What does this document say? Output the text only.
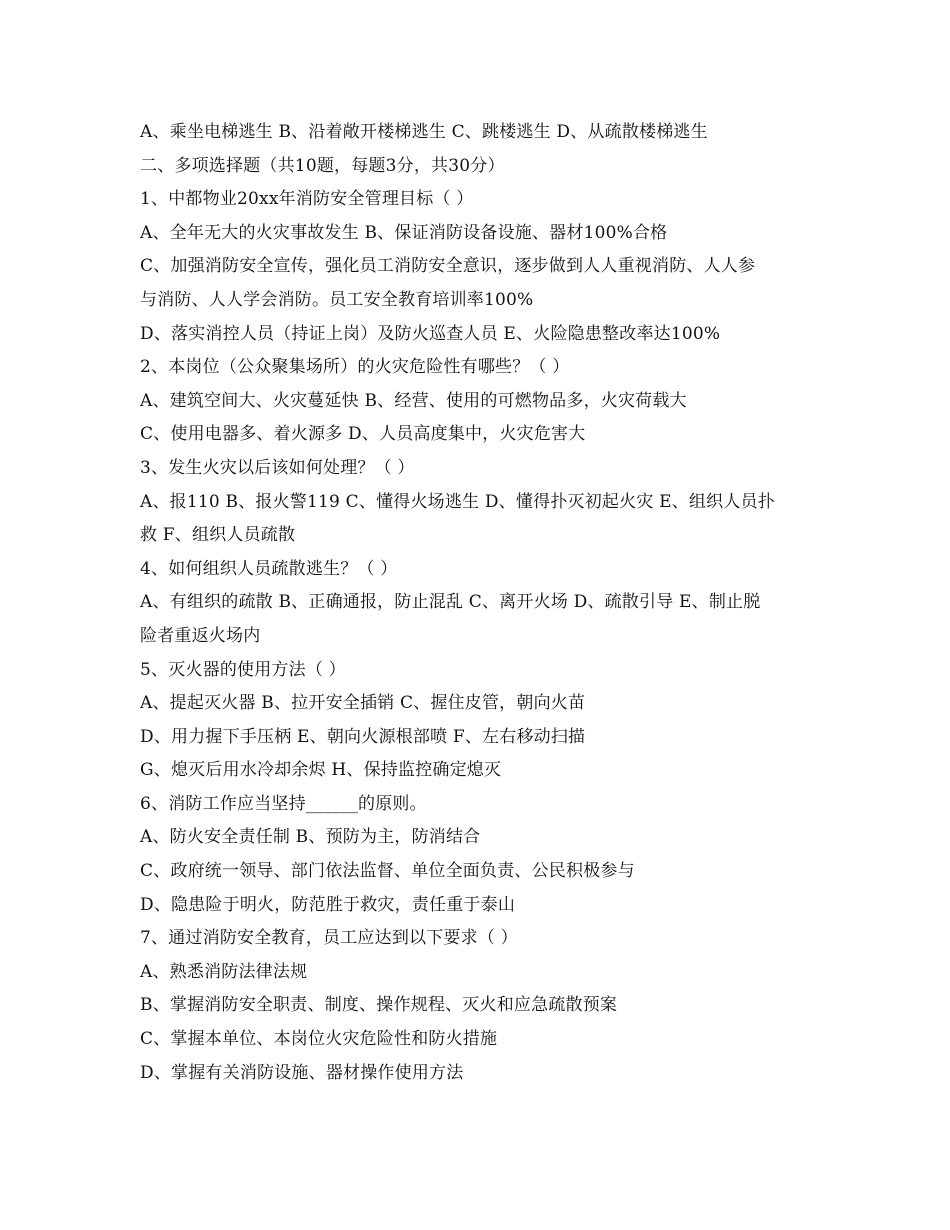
A、乘坐电梯逃生 B、沿着敞开楼梯逃生 C、跳楼逃生 D、从疏散楼梯逃生
二、多项选择题（共10题，每题3分，共30分）
1、中都物业20xx年消防安全管理目标（ ）
A、全年无大的火灾事故发生 B、保证消防设备设施、器材100%合格
C、加强消防安全宣传，强化员工消防安全意识，逐步做到人人重视消防、人人参
与消防、人人学会消防。员工安全教育培训率100%
D、落实消控人员（持证上岗）及防火巡查人员 E、火险隐患整改率达100%
2、本岗位（公众聚集场所）的火灾危险性有哪些？（ ）
A、建筑空间大、火灾蔓延快 B、经营、使用的可燃物品多，火灾荷载大
C、使用电器多、着火源多 D、人员高度集中，火灾危害大
3、发生火灾以后该如何处理？（ ）
A、报110 B、报火警119 C、懂得火场逃生 D、懂得扑灭初起火灾 E、组织人员扑
救 F、组织人员疏散
4、如何组织人员疏散逃生？（ ）
A、有组织的疏散 B、正确通报，防止混乱 C、离开火场 D、疏散引导 E、制止脱
险者重返火场内
5、灭火器的使用方法（ ）
A、提起灭火器 B、拉开安全插销 C、握住皮管，朝向火苗
D、用力握下手压柄 E、朝向火源根部喷 F、左右移动扫描
G、熄灭后用水冷却余烬 H、保持监控确定熄灭
6、消防工作应当坚持______的原则。
A、防火安全责任制 B、预防为主，防消结合
C、政府统一领导、部门依法监督、单位全面负责、公民积极参与
D、隐患险于明火，防范胜于救灾，责任重于泰山
7、通过消防安全教育，员工应达到以下要求（ ）
A、熟悉消防法律法规
B、掌握消防安全职责、制度、操作规程、灭火和应急疏散预案
C、掌握本单位、本岗位火灾危险性和防火措施
D、掌握有关消防设施、器材操作使用方法
